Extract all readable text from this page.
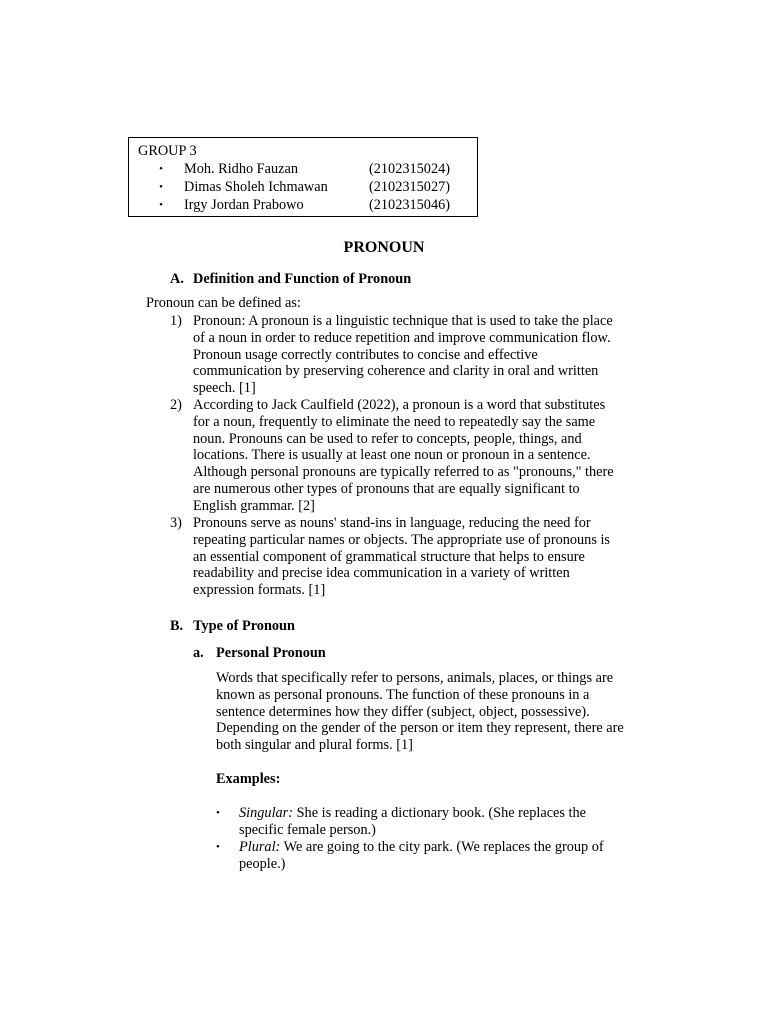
GROUP 3
•	Moh. Ridho Fauzan	(2102315024)
•	Dimas Sholeh Ichmawan	(2102315027)
•	Irgy Jordan Prabowo	(2102315046)
PRONOUN
A. Definition and Function of Pronoun
Pronoun can be defined as:
1) Pronoun: A pronoun is a linguistic technique that is used to take the place
of a noun in order to reduce repetition and improve communication flow.
Pronoun usage correctly contributes to concise and effective
communication by preserving coherence and clarity in oral and written
speech. [1]
2) According to Jack Caulfield (2022), a pronoun is a word that substitutes
for a noun, frequently to eliminate the need to repeatedly say the same
noun. Pronouns can be used to refer to concepts, people, things, and
locations. There is usually at least one noun or pronoun in a sentence.
Although personal pronouns are typically referred to as "pronouns," there
are numerous other types of pronouns that are equally significant to
English grammar. [2]
3) Pronouns serve as nouns' stand-ins in language, reducing the need for
repeating particular names or objects. The appropriate use of pronouns is
an essential component of grammatical structure that helps to ensure
readability and precise idea communication in a variety of written
expression formats. [1]
B. Type of Pronoun
a. Personal Pronoun
Words that specifically refer to persons, animals, places, or things are
known as personal pronouns. The function of these pronouns in a
sentence determines how they differ (subject, object, possessive).
Depending on the gender of the person or item they represent, there are
both singular and plural forms. [1]
Examples:
•	Singular: She is reading a dictionary book. (She replaces the
specific female person.)
•	Plural: We are going to the city park. (We replaces the group of
people.)
